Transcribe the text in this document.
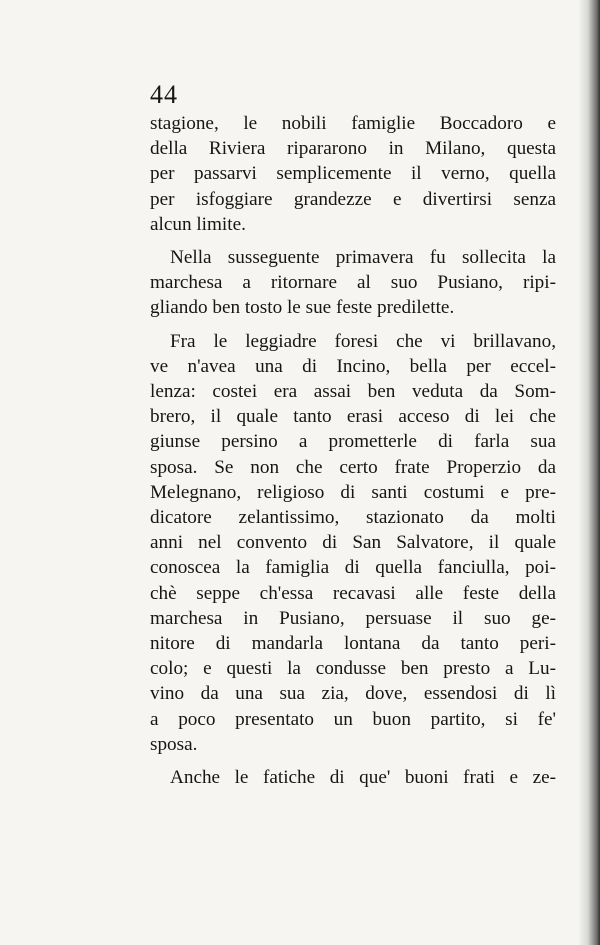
44

stagione, le nobili famiglie Boccadoro e
della Riviera ripararono in Milano, questa
per passarvi semplicemente il verno, quella
per isfoggiare grandezze e divertirsi senza
alcun limite.

Nella susseguente primavera fu sollecita la
marchesa a ritornare al suo Pusiano, ripi-
gliando ben tosto le sue feste predilette.

Fra le leggiadre foresi che vi brillavano,
ve n'avea una di Incino, bella per eccel-
lenza: costei era assai ben veduta da Som-
brero, il quale tanto erasi acceso di lei che
giunse persino a prometterle di farla sua
sposa. Se non che certo frate Properzio da
Melegnano, religioso di santi costumi e pre-
dicatore zelantissimo, stazionato da molti
anni nel convento di San Salvatore, il quale
conoscea la famiglia di quella fanciulla, poi-
chè seppe ch'essa recavasi alle feste della
marchesa in Pusiano, persuase il suo ge-
nitore di mandarla lontana da tanto peri-
colo; e questi la condusse ben presto a Lu-
vino da una sua zia, dove, essendosi di lì
a poco presentato un buon partito, si fe'
sposa.

Anche le fatiche di que' buoni frati e ze-
